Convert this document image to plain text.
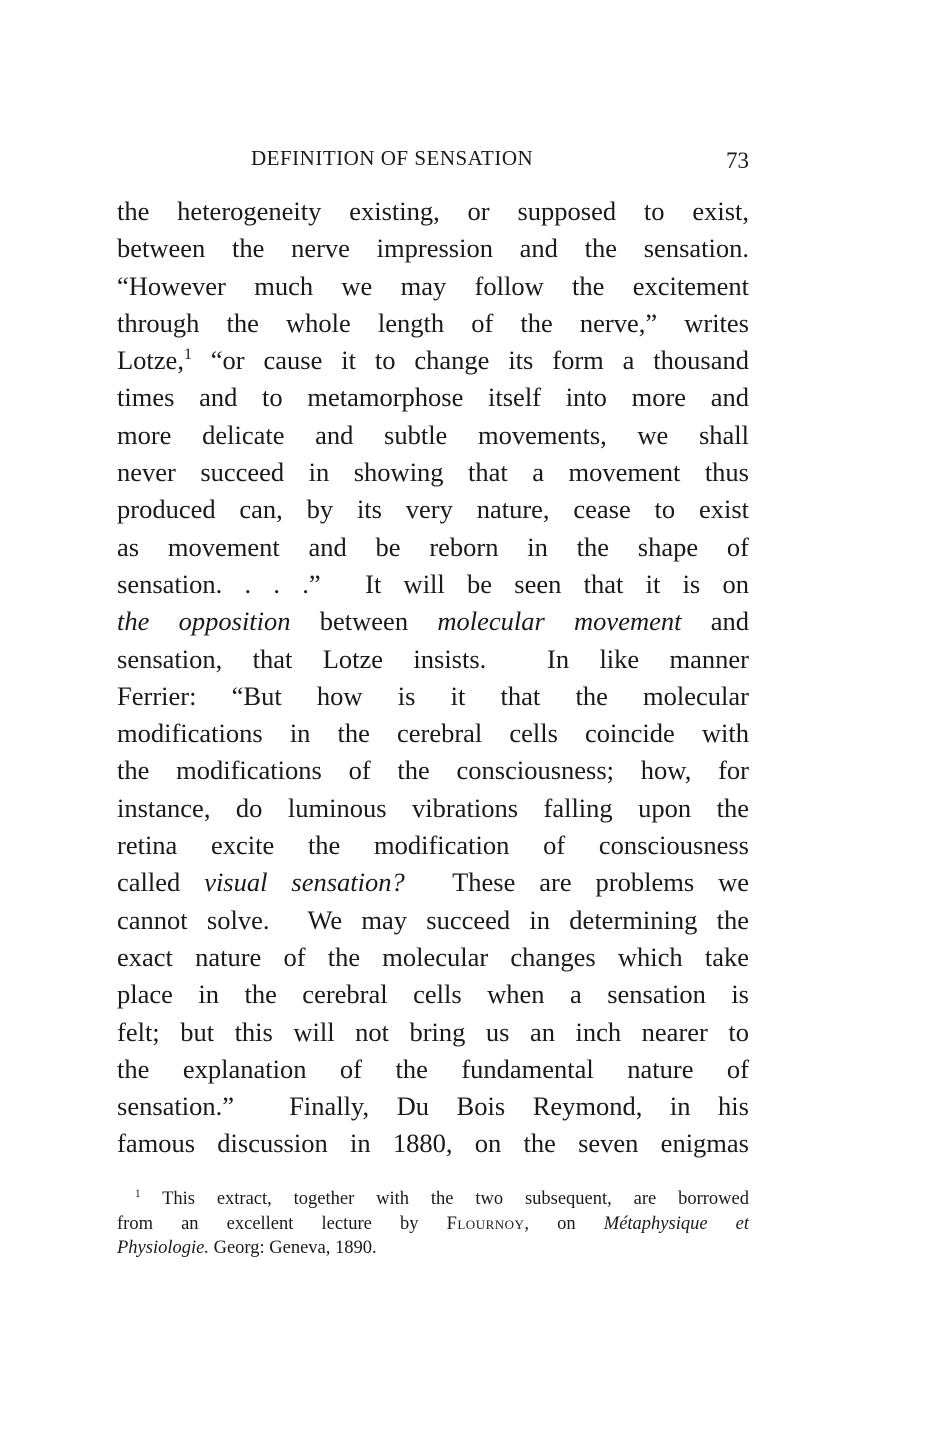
DEFINITION OF SENSATION	73
the heterogeneity existing, or supposed to exist,
between the nerve impression and the sensation.
“However much we may follow the excitement
through the whole length of the nerve,” writes
Lotze,$^1$ “or cause it to change its form a thousand
times and to metamorphose itself into more and
more delicate and subtle movements, we shall
never succeed in showing that a movement thus
produced can, by its very nature, cease to exist
as movement and be reborn in the shape of
sensation. . . .”  It will be seen that it is on
the opposition between molecular movement and
sensation, that Lotze insists.  In like manner
Ferrier: “But how is it that the molecular
modifications in the cerebral cells coincide with
the modifications of the consciousness; how, for
instance, do luminous vibrations falling upon the
retina excite the modification of consciousness
called visual sensation?  These are problems we
cannot solve.  We may succeed in determining the
exact nature of the molecular changes which take
place in the cerebral cells when a sensation is
felt; but this will not bring us an inch nearer to
the explanation of the fundamental nature of
sensation.”  Finally, Du Bois Reymond, in his
famous discussion in 1880, on the seven enigmas
$^1$ This extract, together with the two subsequent, are borrowed
from an excellent lecture by Flournoy, on Métaphysique et
Physiologie. Georg: Geneva, 1890.
